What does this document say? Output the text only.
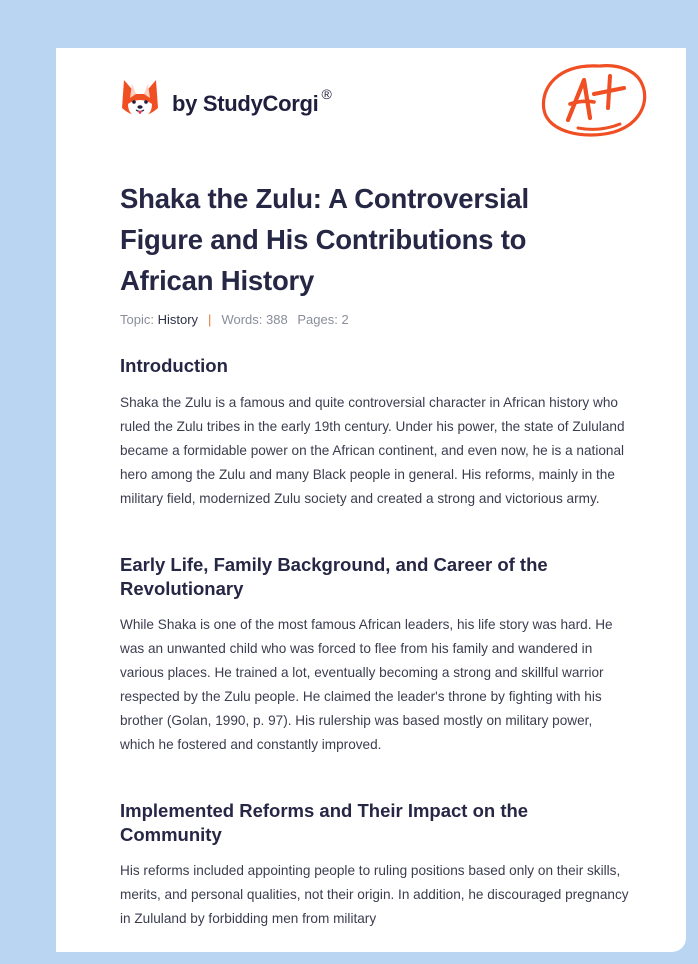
by StudyCorgi ®
Shaka the Zulu: A Controversial Figure and His Contributions to African History
Topic: History | Words: 388 Pages: 2
Introduction

Shaka the Zulu is a famous and quite controversial character in African history who ruled the Zulu tribes in the early 19th century. Under his power, the state of Zululand became a formidable power on the African continent, and even now, he is a national hero among the Zulu and many Black people in general. His reforms, mainly in the military field, modernized Zulu society and created a strong and victorious army.

Early Life, Family Background, and Career of the Revolutionary

While Shaka is one of the most famous African leaders, his life story was hard. He was an unwanted child who was forced to flee from his family and wandered in various places. He trained a lot, eventually becoming a strong and skillful warrior respected by the Zulu people. He claimed the leader's throne by fighting with his brother (Golan, 1990, p. 97). His rulership was based mostly on military power, which he fostered and constantly improved.

Implemented Reforms and Their Impact on the Community

His reforms included appointing people to ruling positions based only on their skills, merits, and personal qualities, not their origin. In addition, he discouraged pregnancy in Zululand by forbidding men from military
